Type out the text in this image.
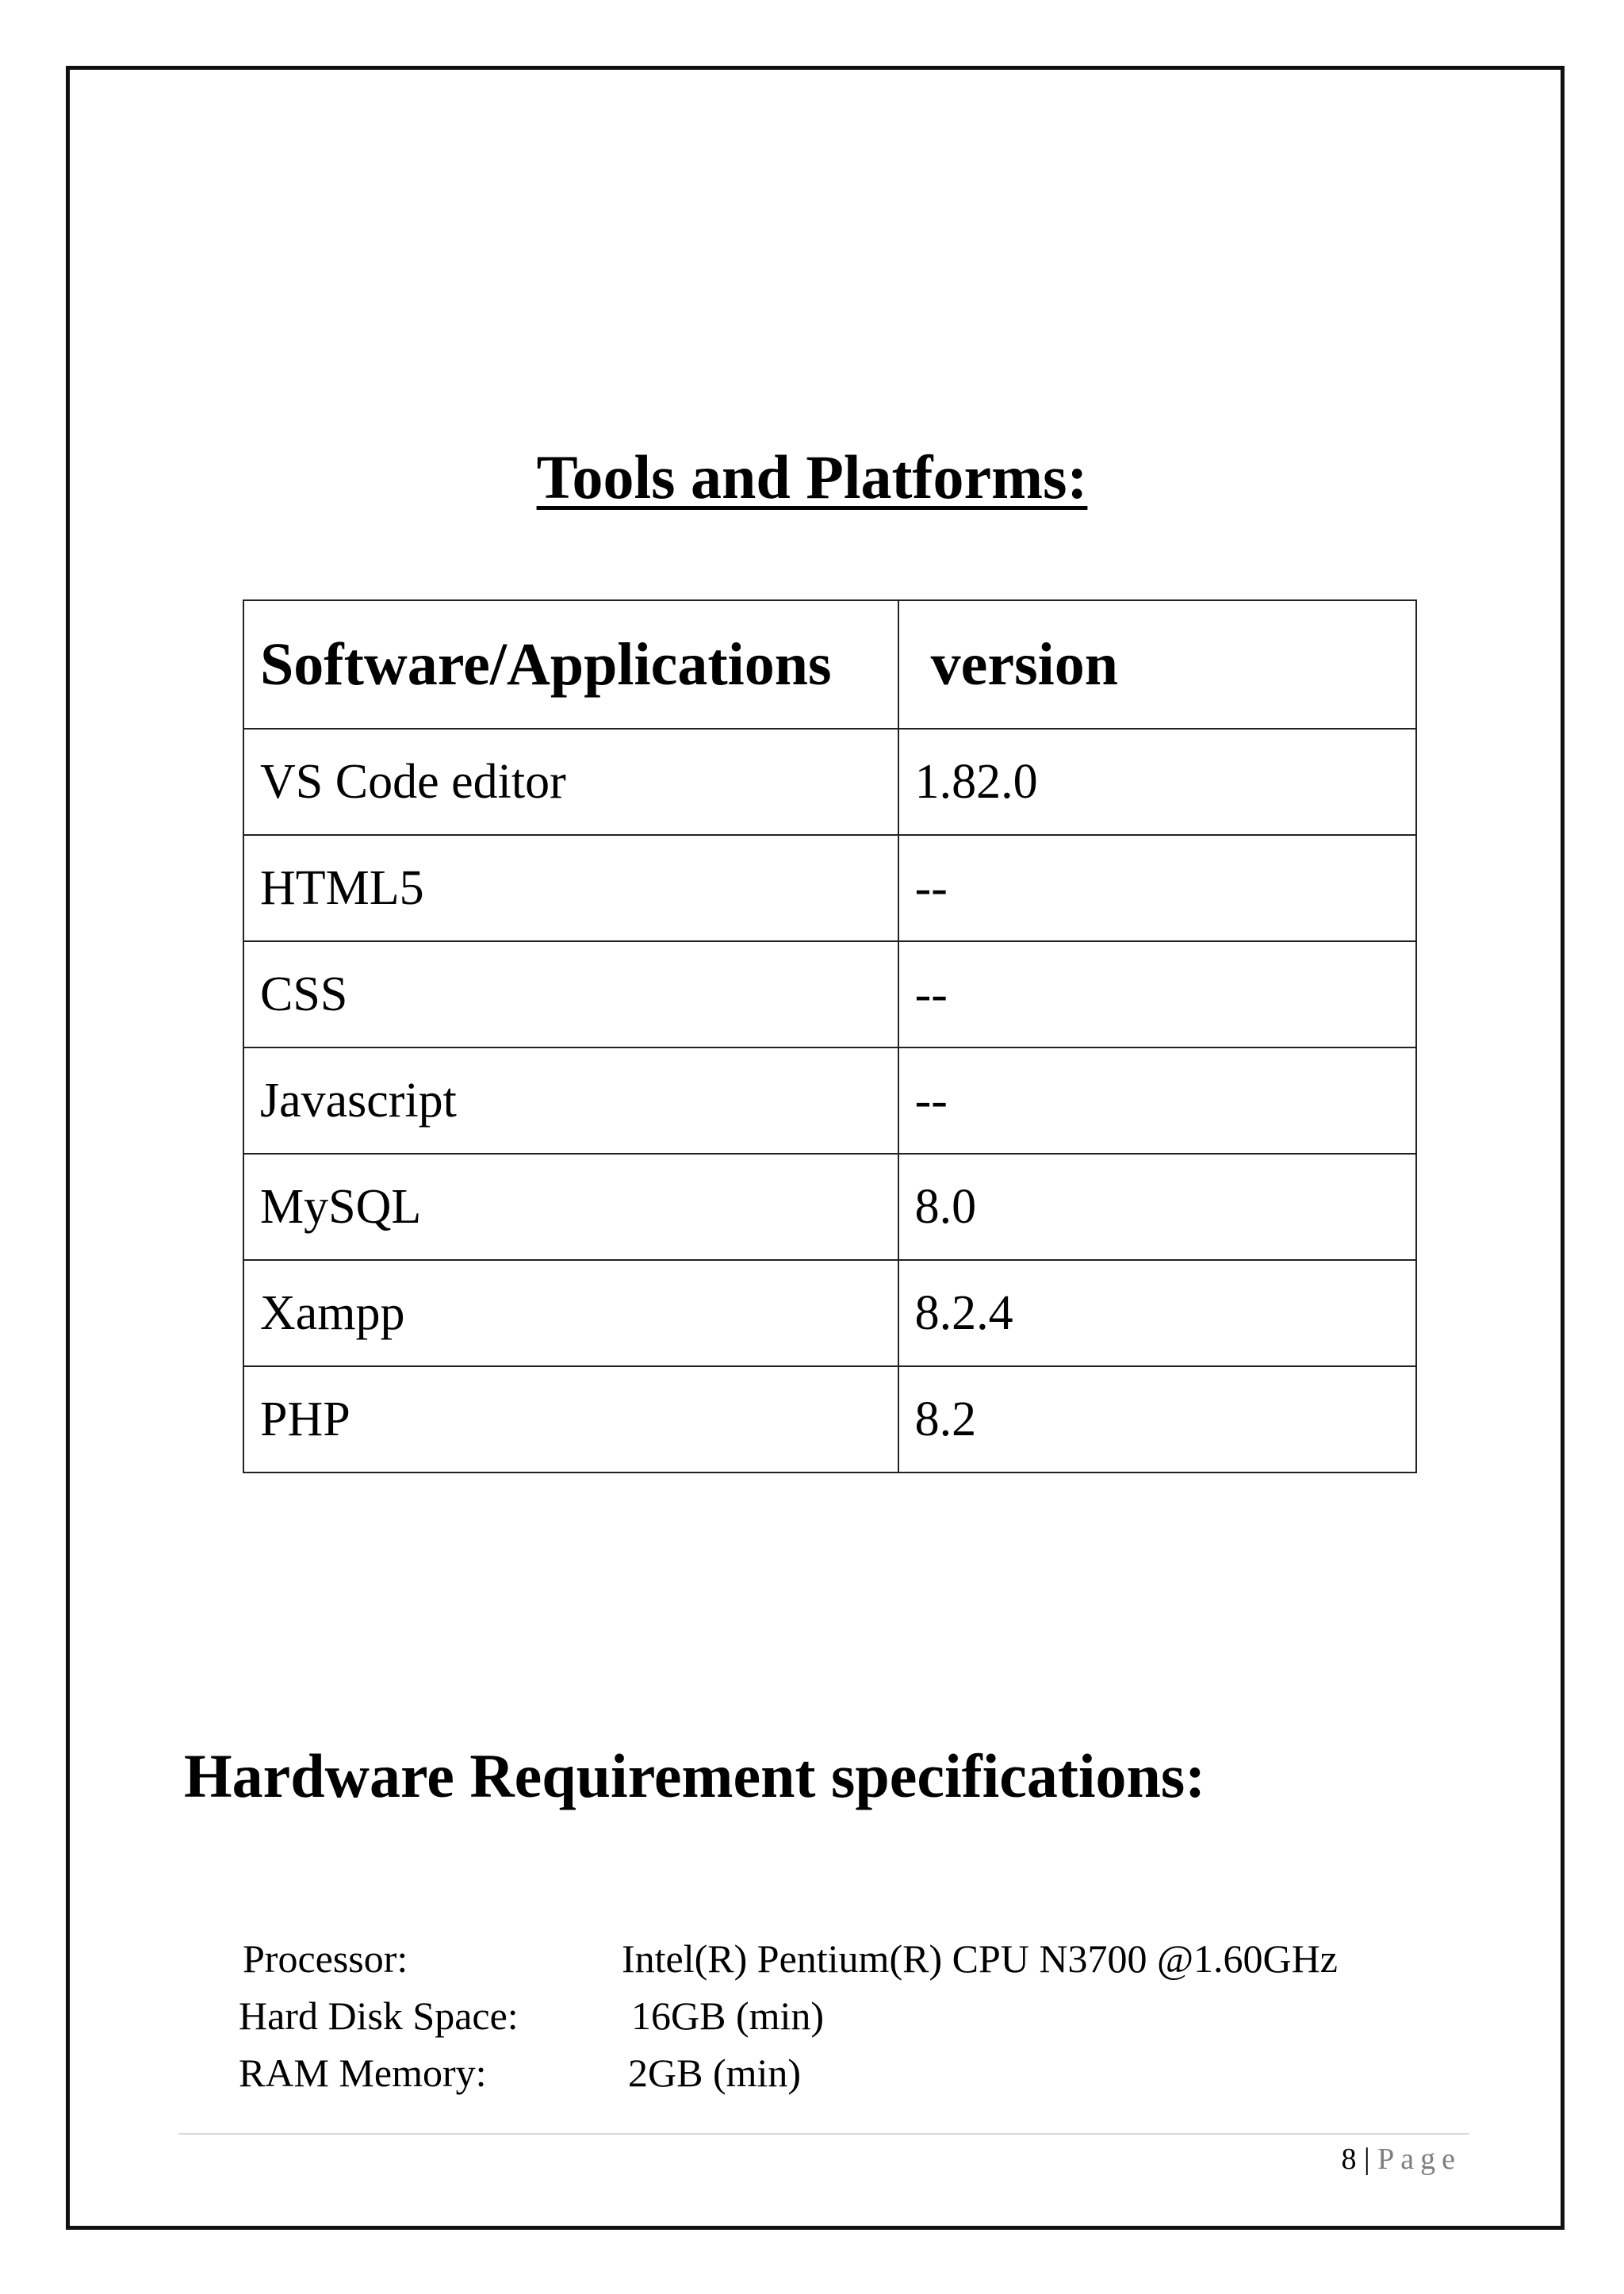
Tools and Platforms:
Software/Applications	version
VS Code editor	1.82.0
HTML5	--
CSS	--
Javascript	--
MySQL	8.0
Xampp	8.2.4
PHP	8.2
Hardware Requirement specifications:
Processor:	Intel(R) Pentium(R) CPU N3700 @1.60GHz
Hard Disk Space:	16GB (min)
RAM Memory:	2GB (min)
8 | Page
